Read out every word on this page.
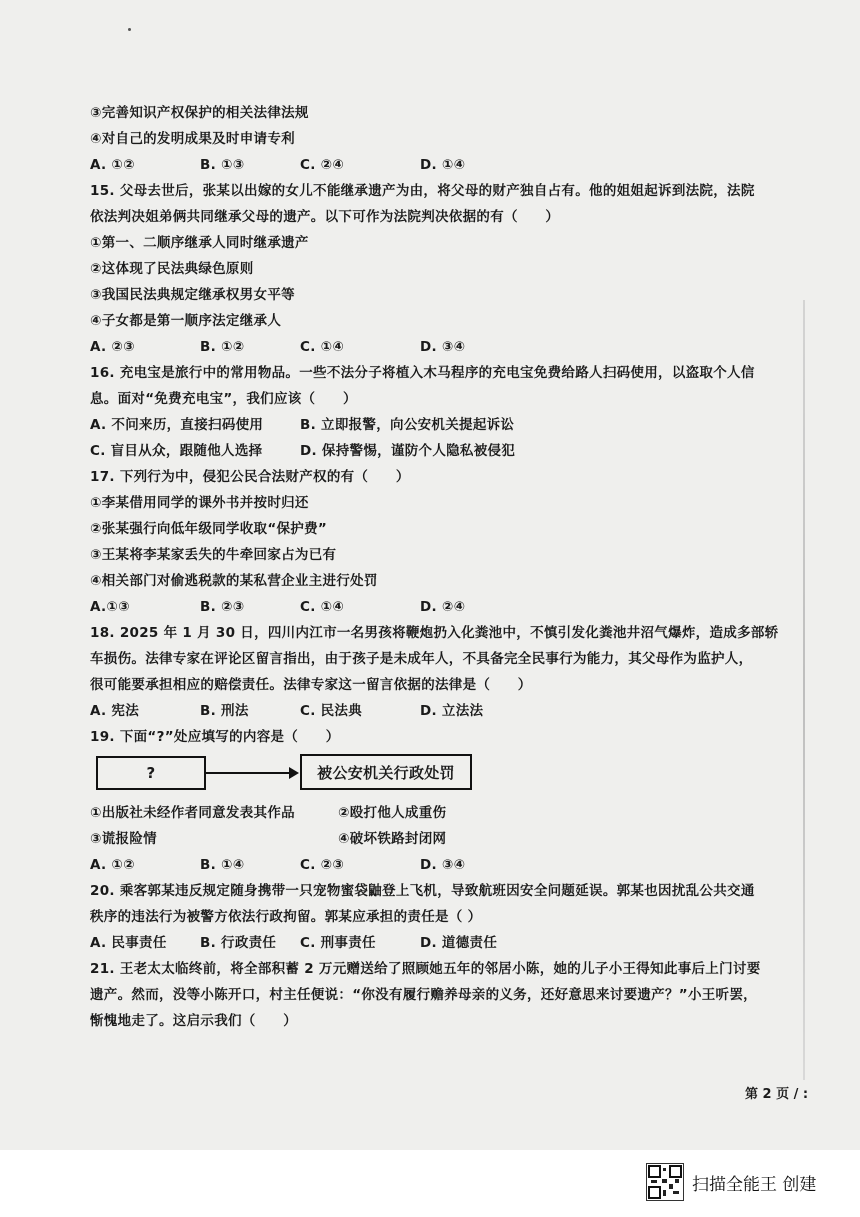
③完善知识产权保护的相关法律法规
④对自己的发明成果及时申请专利
A. ①②	B. ①③	C. ②④	D. ①④
15. 父母去世后，张某以出嫁的女儿不能继承遗产为由，将父母的财产独自占有。他的姐姐起诉到法院，法院
依法判决姐弟俩共同继承父母的遗产。以下可作为法院判决依据的有（　　）
①第一、二顺序继承人同时继承遗产
②这体现了民法典绿色原则
③我国民法典规定继承权男女平等
④子女都是第一顺序法定继承人
A. ②③	B. ①②	C. ①④	D. ③④
16. 充电宝是旅行中的常用物品。一些不法分子将植入木马程序的充电宝免费给路人扫码使用，以盗取个人信
息。面对“免费充电宝”，我们应该（　　）
A. 不问来历，直接扫码使用	B. 立即报警，向公安机关提起诉讼
C. 盲目从众，跟随他人选择	D. 保持警惕，谨防个人隐私被侵犯
17. 下列行为中，侵犯公民合法财产权的有（　　）
①李某借用同学的课外书并按时归还
②张某强行向低年级同学收取“保护费”
③王某将李某家丢失的牛牵回家占为已有
④相关部门对偷逃税款的某私营企业主进行处罚
A.①③	B. ②③	C. ①④	D. ②④
18. 2025 年 1 月 30 日，四川内江市一名男孩将鞭炮扔入化粪池中，不慎引发化粪池井沼气爆炸，造成多部轿
车损伤。法律专家在评论区留言指出，由于孩子是未成年人，不具备完全民事行为能力，其父母作为监护人，
很可能要承担相应的赔偿责任。法律专家这一留言依据的法律是（　　）
A. 宪法	B. 刑法	C. 民法典	D. 立法法
19. 下面“?”处应填写的内容是（　　）
?	被公安机关行政处罚
①出版社未经作者同意发表其作品	②殴打他人成重伤
③谎报险情	④破坏铁路封闭网
A. ①②	B. ①④	C. ②③	D. ③④
20. 乘客郭某违反规定随身携带一只宠物蜜袋鼬登上飞机，导致航班因安全问题延误。郭某也因扰乱公共交通
秩序的违法行为被警方依法行政拘留。郭某应承担的责任是（ ）
A. 民事责任	B. 行政责任	C. 刑事责任	D. 道德责任
21. 王老太太临终前，将全部积蓄 2 万元赠送给了照顾她五年的邻居小陈，她的儿子小王得知此事后上门讨要
遗产。然而，没等小陈开口，村主任便说：“你没有履行赡养母亲的义务，还好意思来讨要遗产？”小王听罢，
惭愧地走了。这启示我们（　　）
第 2 页 / :
扫描全能王 创建
